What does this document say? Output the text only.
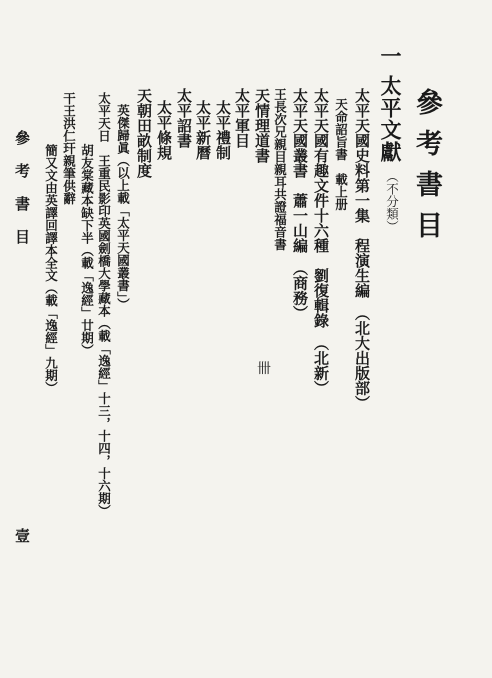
參考書目
一
太平文獻
（不分類）
太平天國史料第一集　程演生編　（北大出版部）
天命詔旨書　載上册
太平天國有趣文件十六種　劉復輯錄　（北新）
太平天國叢書　蕭一山編　（商務）
王長次兄親目親耳共證福音書
天情理道書
太平軍目
太平禮制
太平新曆
太平詔書
太平條規
天朝田畝制度
英傑歸眞（以上載「太平天國叢書」）
太平天日　王重民影印英國劍橋大學藏本（載「逸經」十三，十四，十六期）
胡友棠藏本缺下半（載「逸經」廿期）
干王洪仁玕親筆供辭
簡又文由英譯回譯本全文（載「逸經」九期）	卌
參考書目
壹
